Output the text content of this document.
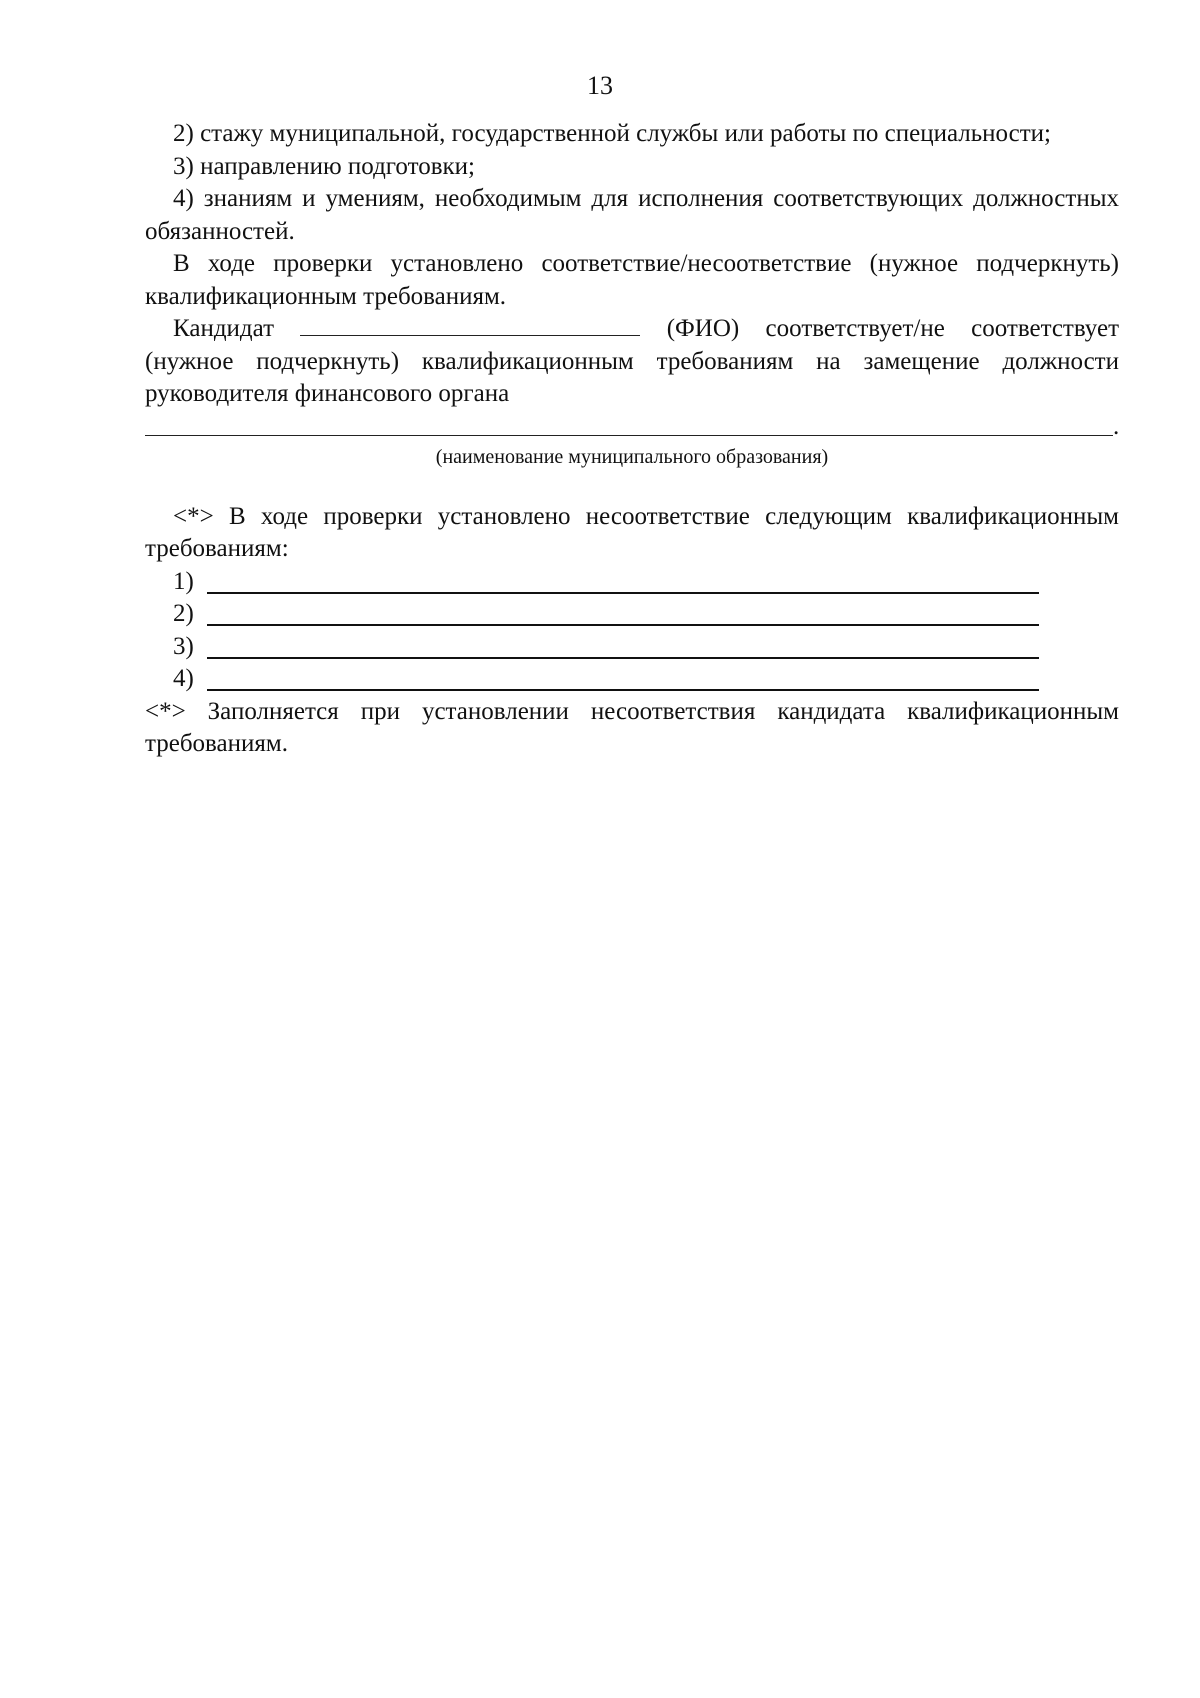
13

2) стажу муниципальной, государственной службы или работы по специальности;

3) направлению подготовки;

4) знаниям и умениям, необходимым для исполнения соответствующих должностных обязанностей.

В ходе проверки установлено соответствие/несоответствие (нужное подчеркнуть) квалификационным требованиям.

Кандидат	(ФИО) соответствует/не соответствует (нужное подчеркнуть) квалификационным требованиям на замещение должности руководителя финансового органа

.

(наименование муниципального образования)

<*> В ходе проверки установлено несоответствие следующим квалификационным требованиям:

1)
2)
3)
4)

<*> Заполняется при установлении несоответствия кандидата квалификационным требованиям.
